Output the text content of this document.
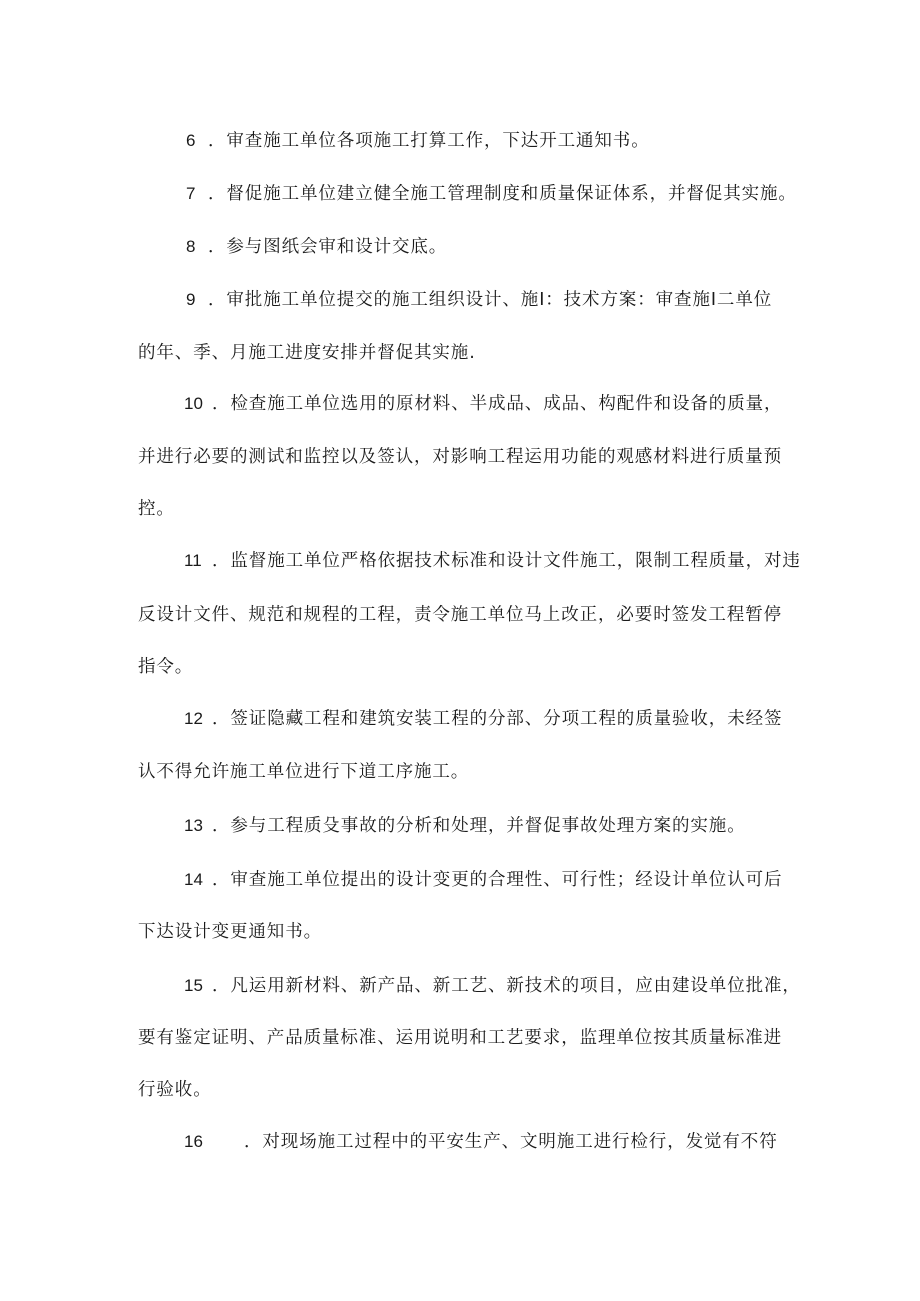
6 ．审查施工单位各项施工打算工作，下达开工通知书。
7 ．督促施工单位建立健全施工管理制度和质量保证体系，并督促其实施。
8 ．参与图纸会审和设计交底。
9 ．审批施工单位提交的施工组织设计、施I：技术方案：审查施I二单位
的年、季、月施工进度安排并督促其实施.
10 ．检查施工单位选用的原材料、半成品、成品、构配件和设备的质量，
并进行必要的测试和监控以及签认，对影响工程运用功能的观感材料进行质量预
控。
11 ．监督施工单位严格依据技术标准和设计文件施工，限制工程质量，对违
反设计文件、规范和规程的工程，责令施工单位马上改正，必要时签发工程暂停
指令。
12 ．签证隐藏工程和建筑安装工程的分部、分项工程的质量验收，未经签
认不得允许施工单位进行下道工序施工。
13 ．参与工程质殳事故的分析和处理，并督促事故处理方案的实施。
14 ．审查施工单位提出的设计变更的合理性、可行性；经设计单位认可后
下达设计变更通知书。
15 ．凡运用新材料、新产品、新工艺、新技术的项目，应由建设单位批准，
要有鉴定证明、产品质量标准、运用说明和工艺要求，监理单位按其质量标准进
行验收。
16 ．对现场施工过程中的平安生产、文明施工进行检行，发觉有不符
